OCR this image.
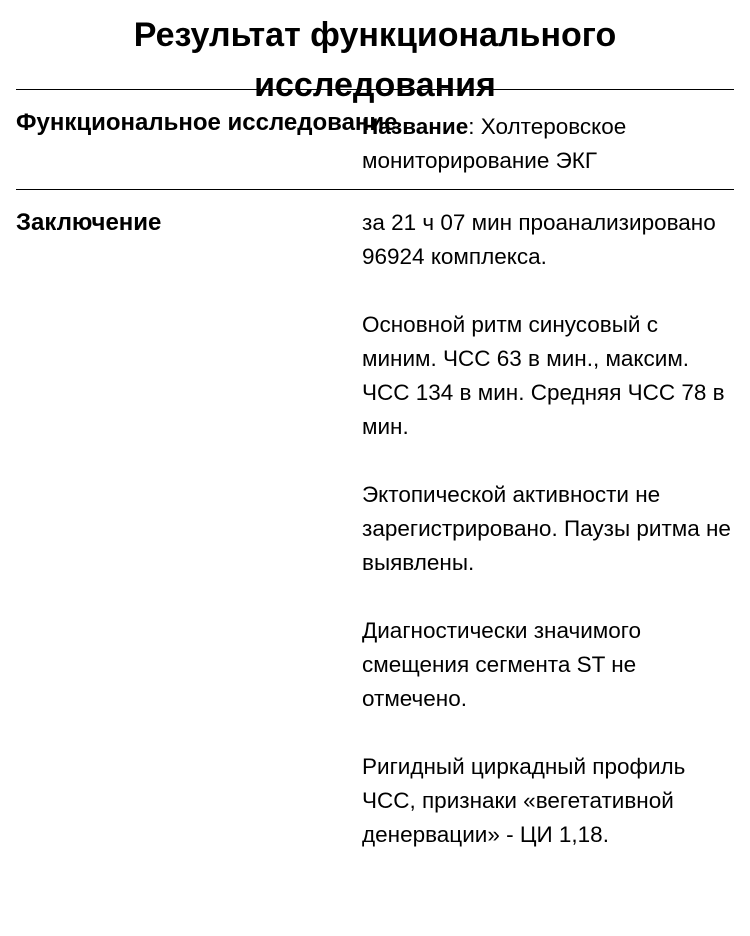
Результат функционального
исследования
Функциональное исследование
Название: Холтеровское мониторирование ЭКГ
Заключение	за 21 ч 07 мин проанализировано 96924 комплекса.

Основной ритм синусовый с миним. ЧСС 63 в мин., максим. ЧСС 134 в мин. Средняя ЧСС 78 в мин.

Эктопической активности не зарегистрировано. Паузы ритма не выявлены.

Диагностически значимого смещения сегмента ST не отмечено.

Ригидный циркадный профиль ЧСС, признаки «вегетативной денервации» - ЦИ 1,18.
